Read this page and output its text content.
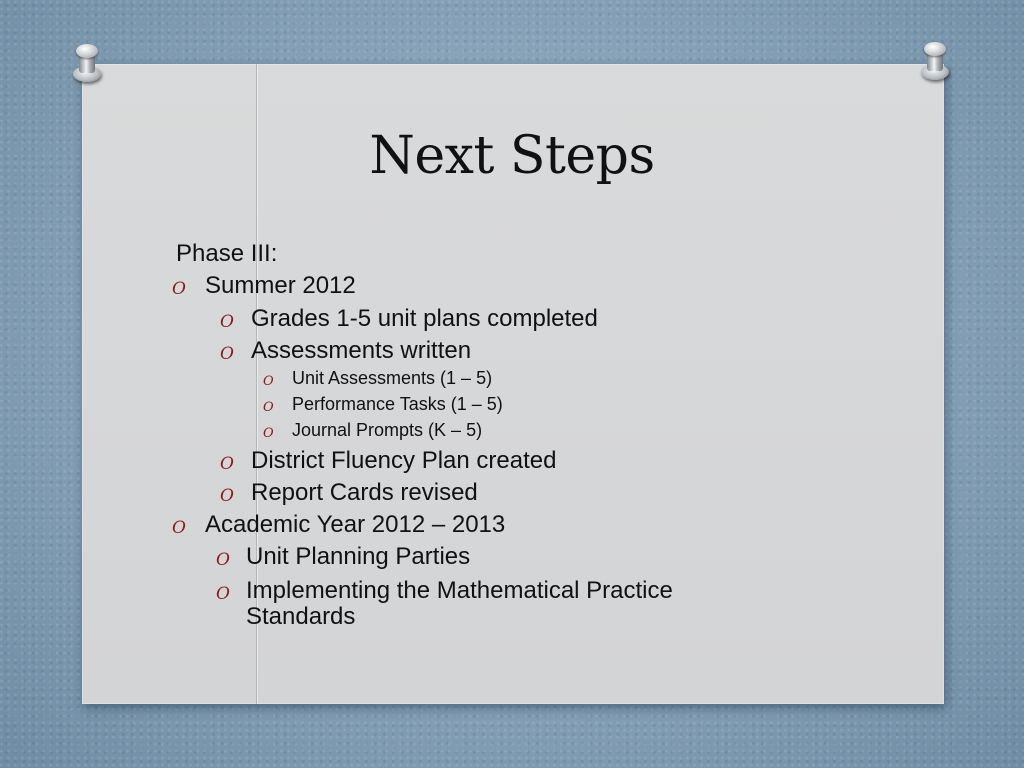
Next Steps
Phase III:
O Summer 2012
O Grades 1-5 unit plans completed
O Assessments written
O Unit Assessments (1 – 5)
O Performance Tasks (1 – 5)
O Journal Prompts (K – 5)
O District Fluency Plan created
O Report Cards revised
O Academic Year 2012 – 2013
O Unit Planning Parties
O Implementing the Mathematical Practice
Standards
